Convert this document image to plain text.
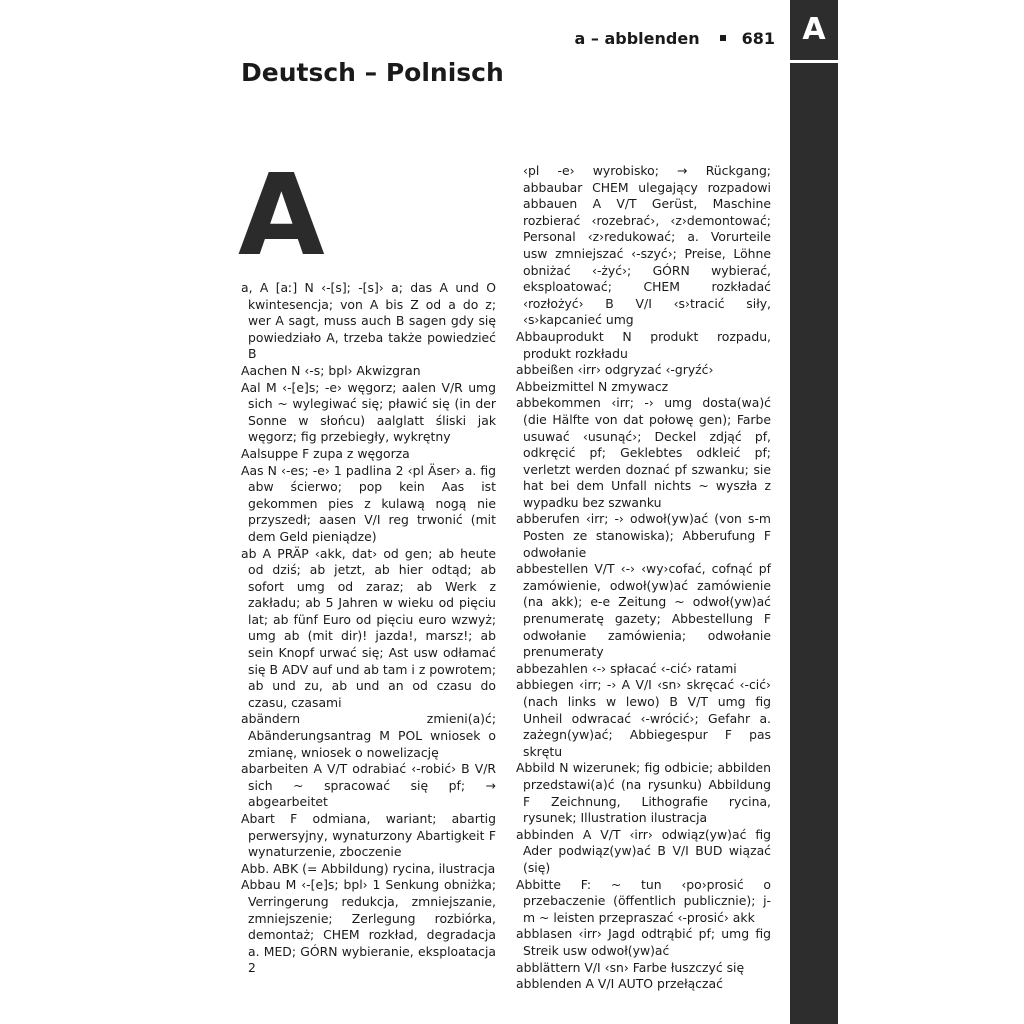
a – abblenden	681 A
Deutsch – Polnisch
A

a, A [aː] N ‹-[s]; -[s]› a; das A und O kwintesencja; von A bis Z od a do z; wer A sagt, muss auch B sagen gdy się powiedziało A, trzeba także powiedzieć B

Aachen N ‹-s; bpl› Akwizgran

Aal M ‹-[e]s; -e› węgorz; aalen V/R umg sich ~ wylegiwać się; pławić się (in der Sonne w słońcu) aalglatt śliski jak węgorz; fig przebiegły, wykrętny

Aalsuppe F zupa z węgorza

Aas N ‹-es; -e› 1 padlina 2 ‹pl Äser› a. fig abw ścierwo; pop kein Aas ist gekommen pies z kulawą nogą nie przyszedł; aasen V/I reg trwonić (mit dem Geld pieniądze)

ab A PRÄP ‹akk, dat› od gen; ab heute od dziś; ab jetzt, ab hier odtąd; ab sofort umg od zaraz; ab Werk z zakładu; ab 5 Jahren w wieku od pięciu lat; ab fünf Euro od pięciu euro wzwyż; umg ab (mit dir)! jazda!, marsz!; ab sein Knopf urwać się; Ast usw odłamać się B ADV auf und ab tam i z powrotem; ab und zu, ab und an od czasu do czasu, czasami

abändern zmieni(a)ć; Abänderungsantrag M POL wniosek o zmianę, wniosek o nowelizację

abarbeiten A V/T odrabiać ‹-robić› B V/R sich ~ spracować się pf; → abgearbeitet

Abart F odmiana, wariant; abartig perwersyjny, wynaturzony Abartigkeit F wynaturzenie, zboczenie

Abb. ABK (= Abbildung) rycina, ilustracja

Abbau M ‹-[e]s; bpl› 1 Senkung obniżka; Verringerung redukcja, zmniejszanie, zmniejszenie; Zerlegung rozbiórka, demontaż; CHEM rozkład, degradacja a. MED; GÓRN wybieranie, eksploatacja 2

‹pl -e› wyrobisko; → Rückgang; abbaubar CHEM ulegający rozpadowi abbauen A V/T Gerüst, Maschine rozbierać ‹rozebrać›, ‹z›demontować; Personal ‹z›redukować; a. Vorurteile usw zmniejszać ‹-szyć›; Preise, Löhne obniżać ‹-żyć›; GÓRN wybierać, eksploatować; CHEM rozkładać ‹rozłożyć› B V/I ‹s›tracić siły, ‹s›kapcanieć umg

Abbauprodukt N produkt rozpadu, produkt rozkładu

abbeißen ‹irr› odgryzać ‹-gryźć›

Abbeizmittel N zmywacz

abbekommen ‹irr; -› umg dosta(wa)ć (die Hälfte von dat połowę gen); Farbe usuwać ‹usunąć›; Deckel zdjąć pf, odkręcić pf; Geklebtes odkleić pf; verletzt werden doznać pf szwanku; sie hat bei dem Unfall nichts ~ wyszła z wypadku bez szwanku

abberufen ‹irr; -› odwoł(yw)ać (von s-m Posten ze stanowiska); Abberufung F odwołanie

abbestellen V/T ‹-› ‹wy›cofać, cofnąć pf zamówienie, odwoł(yw)ać zamówienie (na akk); e-e Zeitung ~ odwoł(yw)ać prenumeratę gazety; Abbestellung F odwołanie zamówienia; odwołanie prenumeraty

abbezahlen ‹-› spłacać ‹-cić› ratami

abbiegen ‹irr; -› A V/I ‹sn› skręcać ‹-cić› (nach links w lewo) B V/T umg fig Unheil odwracać ‹-wrócić›; Gefahr a. zażegn(yw)ać; Abbiegespur F pas skrętu

Abbild N wizerunek; fig odbicie; abbilden przedstawi(a)ć (na rysunku) Abbildung F Zeichnung, Lithografie rycina, rysunek; Illustration ilustracja

abbinden A V/T ‹irr› odwiąz(yw)ać fig Ader podwiąz(yw)ać B V/I BUD wiązać (się)

Abbitte F: ~ tun ‹po›prosić o przebaczenie (öffentlich publicznie); j-m ~ leisten przepraszać ‹-prosić› akk

abblasen ‹irr› Jagd odtrąbić pf; umg fig Streik usw odwoł(yw)ać

abblättern V/I ‹sn› Farbe łuszczyć się

abblenden A V/I AUTO przełączać
